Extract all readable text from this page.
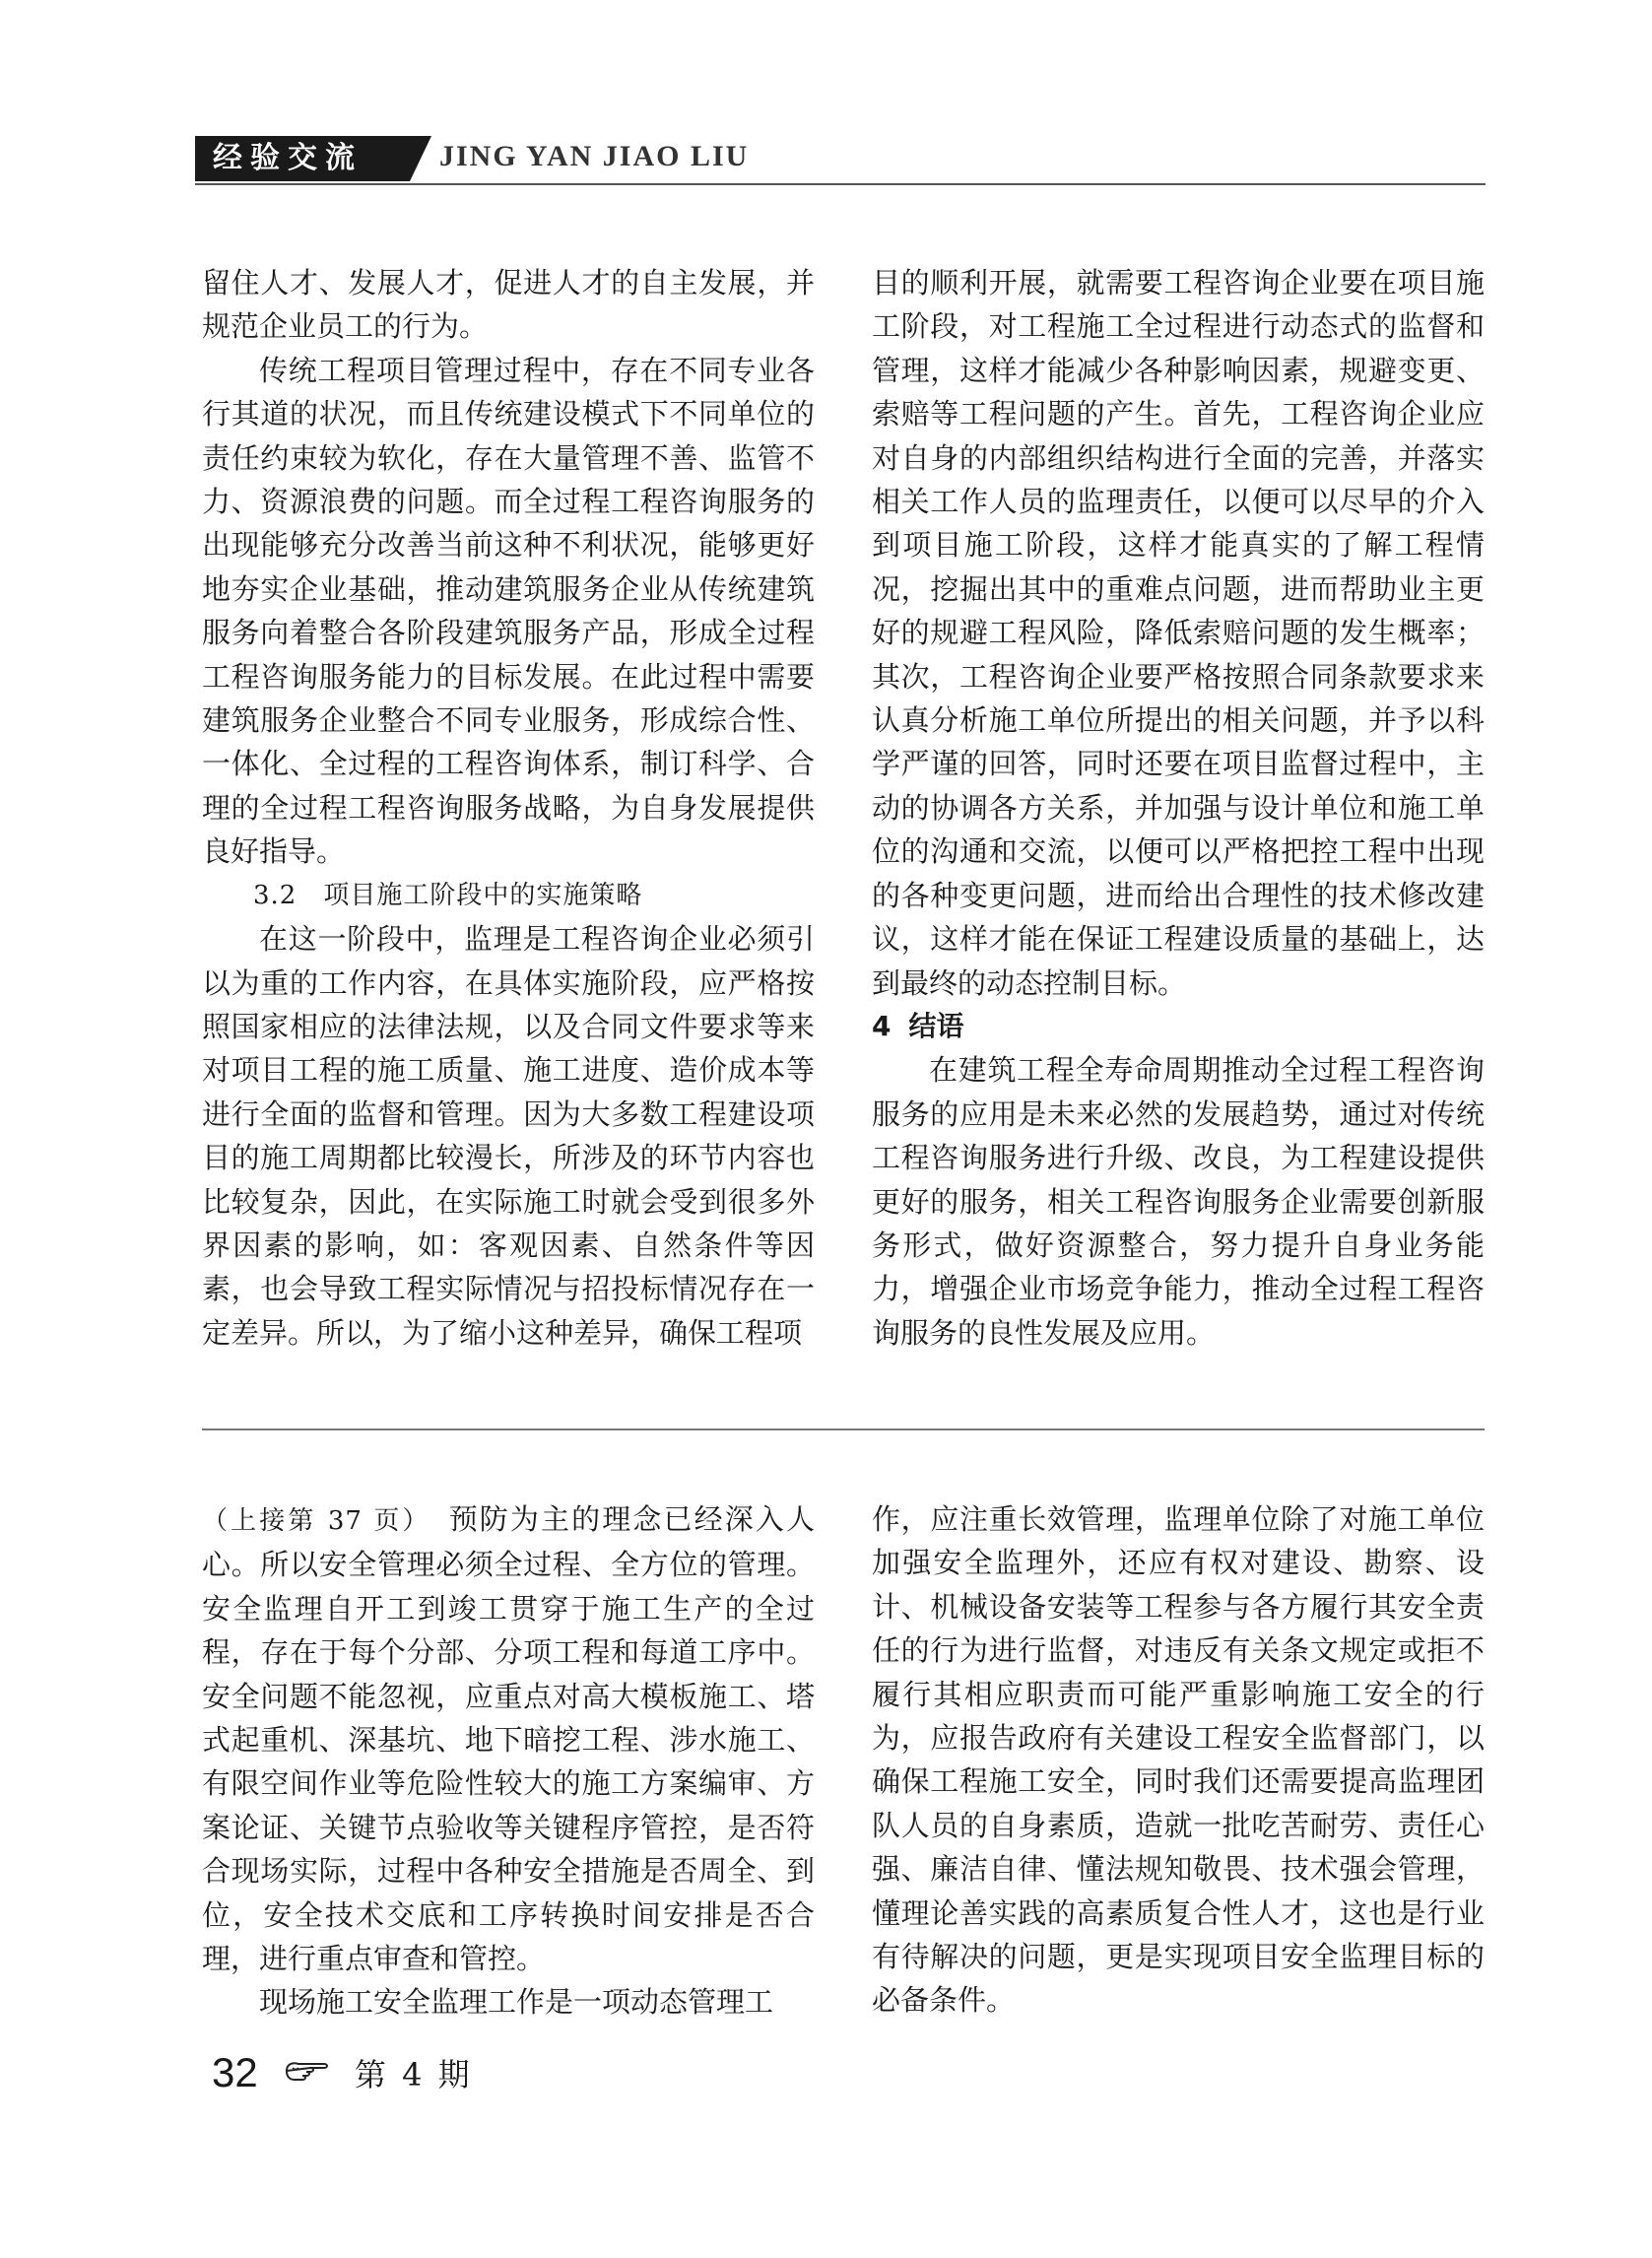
经验交流	JING YAN JIAO LIU

留住人才、发展人才，促进人才的自主发展，并规范企业员工的行为。

传统工程项目管理过程中，存在不同专业各行其道的状况，而且传统建设模式下不同单位的责任约束较为软化，存在大量管理不善、监管不力、资源浪费的问题。而全过程工程咨询服务的出现能够充分改善当前这种不利状况，能够更好地夯实企业基础，推动建筑服务企业从传统建筑服务向着整合各阶段建筑服务产品，形成全过程工程咨询服务能力的目标发展。在此过程中需要建筑服务企业整合不同专业服务，形成综合性、一体化、全过程的工程咨询体系，制订科学、合理的全过程工程咨询服务战略，为自身发展提供良好指导。

3.2　项目施工阶段中的实施策略

在这一阶段中，监理是工程咨询企业必须引以为重的工作内容，在具体实施阶段，应严格按照国家相应的法律法规，以及合同文件要求等来对项目工程的施工质量、施工进度、造价成本等进行全面的监督和管理。因为大多数工程建设项目的施工周期都比较漫长，所涉及的环节内容也比较复杂，因此，在实际施工时就会受到很多外界因素的影响，如：客观因素、自然条件等因素，也会导致工程实际情况与招投标情况存在一定差异。所以，为了缩小这种差异，确保工程项

目的顺利开展，就需要工程咨询企业要在项目施工阶段，对工程施工全过程进行动态式的监督和管理，这样才能减少各种影响因素，规避变更、索赔等工程问题的产生。首先，工程咨询企业应对自身的内部组织结构进行全面的完善，并落实相关工作人员的监理责任，以便可以尽早的介入到项目施工阶段，这样才能真实的了解工程情况，挖掘出其中的重难点问题，进而帮助业主更好的规避工程风险，降低索赔问题的发生概率；其次，工程咨询企业要严格按照合同条款要求来认真分析施工单位所提出的相关问题，并予以科学严谨的回答，同时还要在项目监督过程中，主动的协调各方关系，并加强与设计单位和施工单位的沟通和交流，以便可以严格把控工程中出现的各种变更问题，进而给出合理性的技术修改建议，这样才能在保证工程建设质量的基础上，达到最终的动态控制目标。

4 结语

在建筑工程全寿命周期推动全过程工程咨询服务的应用是未来必然的发展趋势，通过对传统工程咨询服务进行升级、改良，为工程建设提供更好的服务，相关工程咨询服务企业需要创新服务形式，做好资源整合，努力提升自身业务能力，增强企业市场竞争能力，推动全过程工程咨询服务的良性发展及应用。

（上接第 37 页）　 预防为主的理念已经深入人心。所以安全管理必须全过程、全方位的管理。安全监理自开工到竣工贯穿于施工生产的全过程，存在于每个分部、分项工程和每道工序中。安全问题不能忽视，应重点对高大模板施工、塔式起重机、深基坑、地下暗挖工程、涉水施工、有限空间作业等危险性较大的施工方案编审、方案论证、关键节点验收等关键程序管控，是否符合现场实际，过程中各种安全措施是否周全、到位，安全技术交底和工序转换时间安排是否合理，进行重点审查和管控。

现场施工安全监理工作是一项动态管理工

作，应注重长效管理，监理单位除了对施工单位加强安全监理外，还应有权对建设、勘察、设计、机械设备安装等工程参与各方履行其安全责任的行为进行监督，对违反有关条文规定或拒不履行其相应职责而可能严重影响施工安全的行为，应报告政府有关建设工程安全监督部门，以确保工程施工安全，同时我们还需要提高监理团队人员的自身素质，造就一批吃苦耐劳、责任心强、廉洁自律、懂法规知敬畏、技术强会管理，懂理论善实践的高素质复合性人才，这也是行业有待解决的问题，更是实现项目安全监理目标的必备条件。

32	第 4 期
